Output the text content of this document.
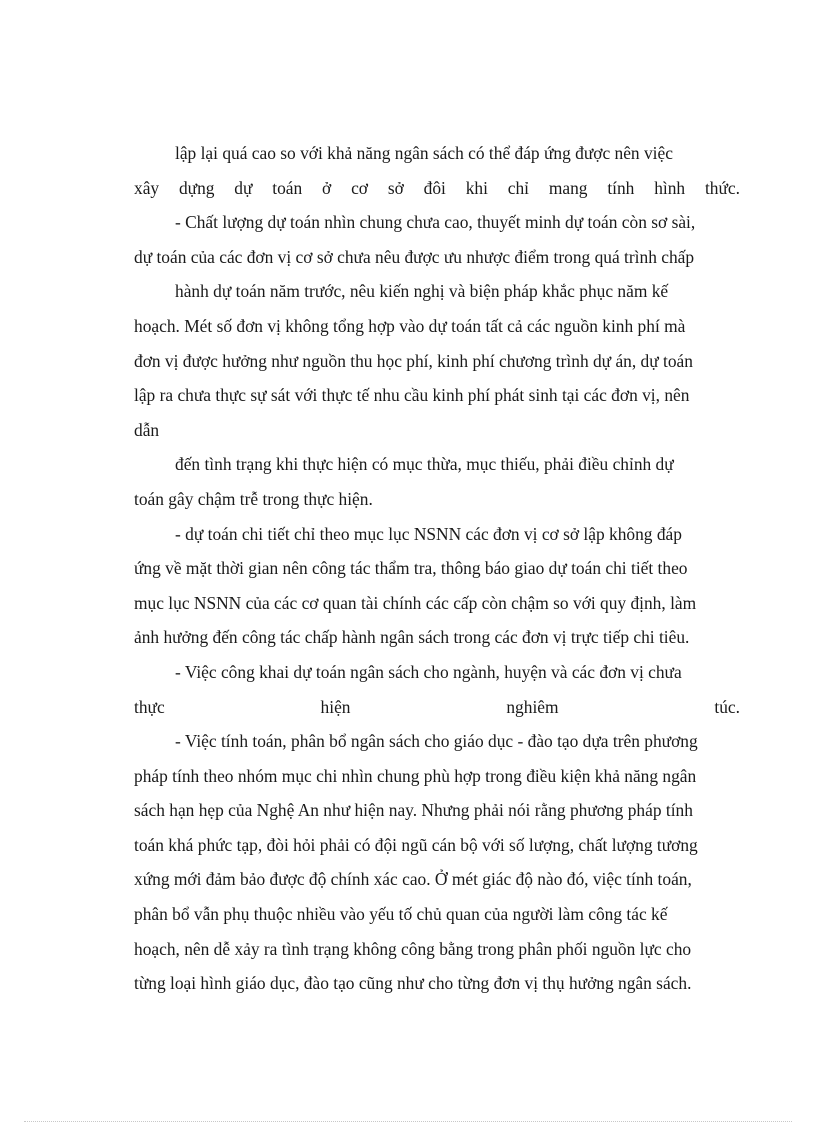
lập lại quá cao so với khả năng ngân sách có thể đáp ứng được nên việc
xây dựng dự toán ở cơ sở đôi khi chỉ mang tính hình thức.
- Chất lượng dự toán nhìn chung chưa cao, thuyết minh dự toán còn sơ sài,
dự toán của các đơn vị cơ sở chưa nêu được ưu nhược điểm trong quá trình chấp
hành dự toán năm trước, nêu kiến nghị và biện pháp khắc phục năm kế
hoạch. Mét số đơn vị không tổng hợp vào dự toán tất cả các nguồn kinh phí mà
đơn vị được hưởng như nguồn thu học phí, kinh phí chương trình dự án, dự toán
lập ra chưa thực sự sát với thực tế nhu cầu kinh phí phát sinh tại các đơn vị, nên
dẫn
đến tình trạng khi thực hiện có mục thừa, mục thiếu, phải điều chỉnh dự
toán gây chậm trễ trong thực hiện.
- dự toán chi tiết chỉ theo mục lục NSNN các đơn vị cơ sở lập không đáp
ứng về mặt thời gian nên công tác thẩm tra, thông báo giao dự toán chi tiết theo
mục lục NSNN của các cơ quan tài chính các cấp còn chậm so với quy định, làm
ảnh hưởng đến công tác chấp hành ngân sách trong các đơn vị trực tiếp chi tiêu.
- Việc công khai dự toán ngân sách cho ngành, huyện và các đơn vị chưa
thực hiện nghiêm túc.
- Việc tính toán, phân bổ ngân sách cho giáo dục - đào tạo dựa trên phương
pháp tính theo nhóm mục chi nhìn chung phù hợp trong điều kiện khả năng ngân
sách hạn hẹp của Nghệ An như hiện nay. Nhưng phải nói rằng phương pháp tính
toán khá phức tạp, đòi hỏi phải có đội ngũ cán bộ với số lượng, chất lượng tương
xứng mới đảm bảo được độ chính xác cao. Ở mét giác độ nào đó, việc tính toán,
phân bổ vẫn phụ thuộc nhiều vào yếu tố chủ quan của người làm công tác kế
hoạch, nên dễ xảy ra tình trạng không công bằng trong phân phối nguồn lực cho
từng loại hình giáo dục, đào tạo cũng như cho từng đơn vị thụ hưởng ngân sách.
